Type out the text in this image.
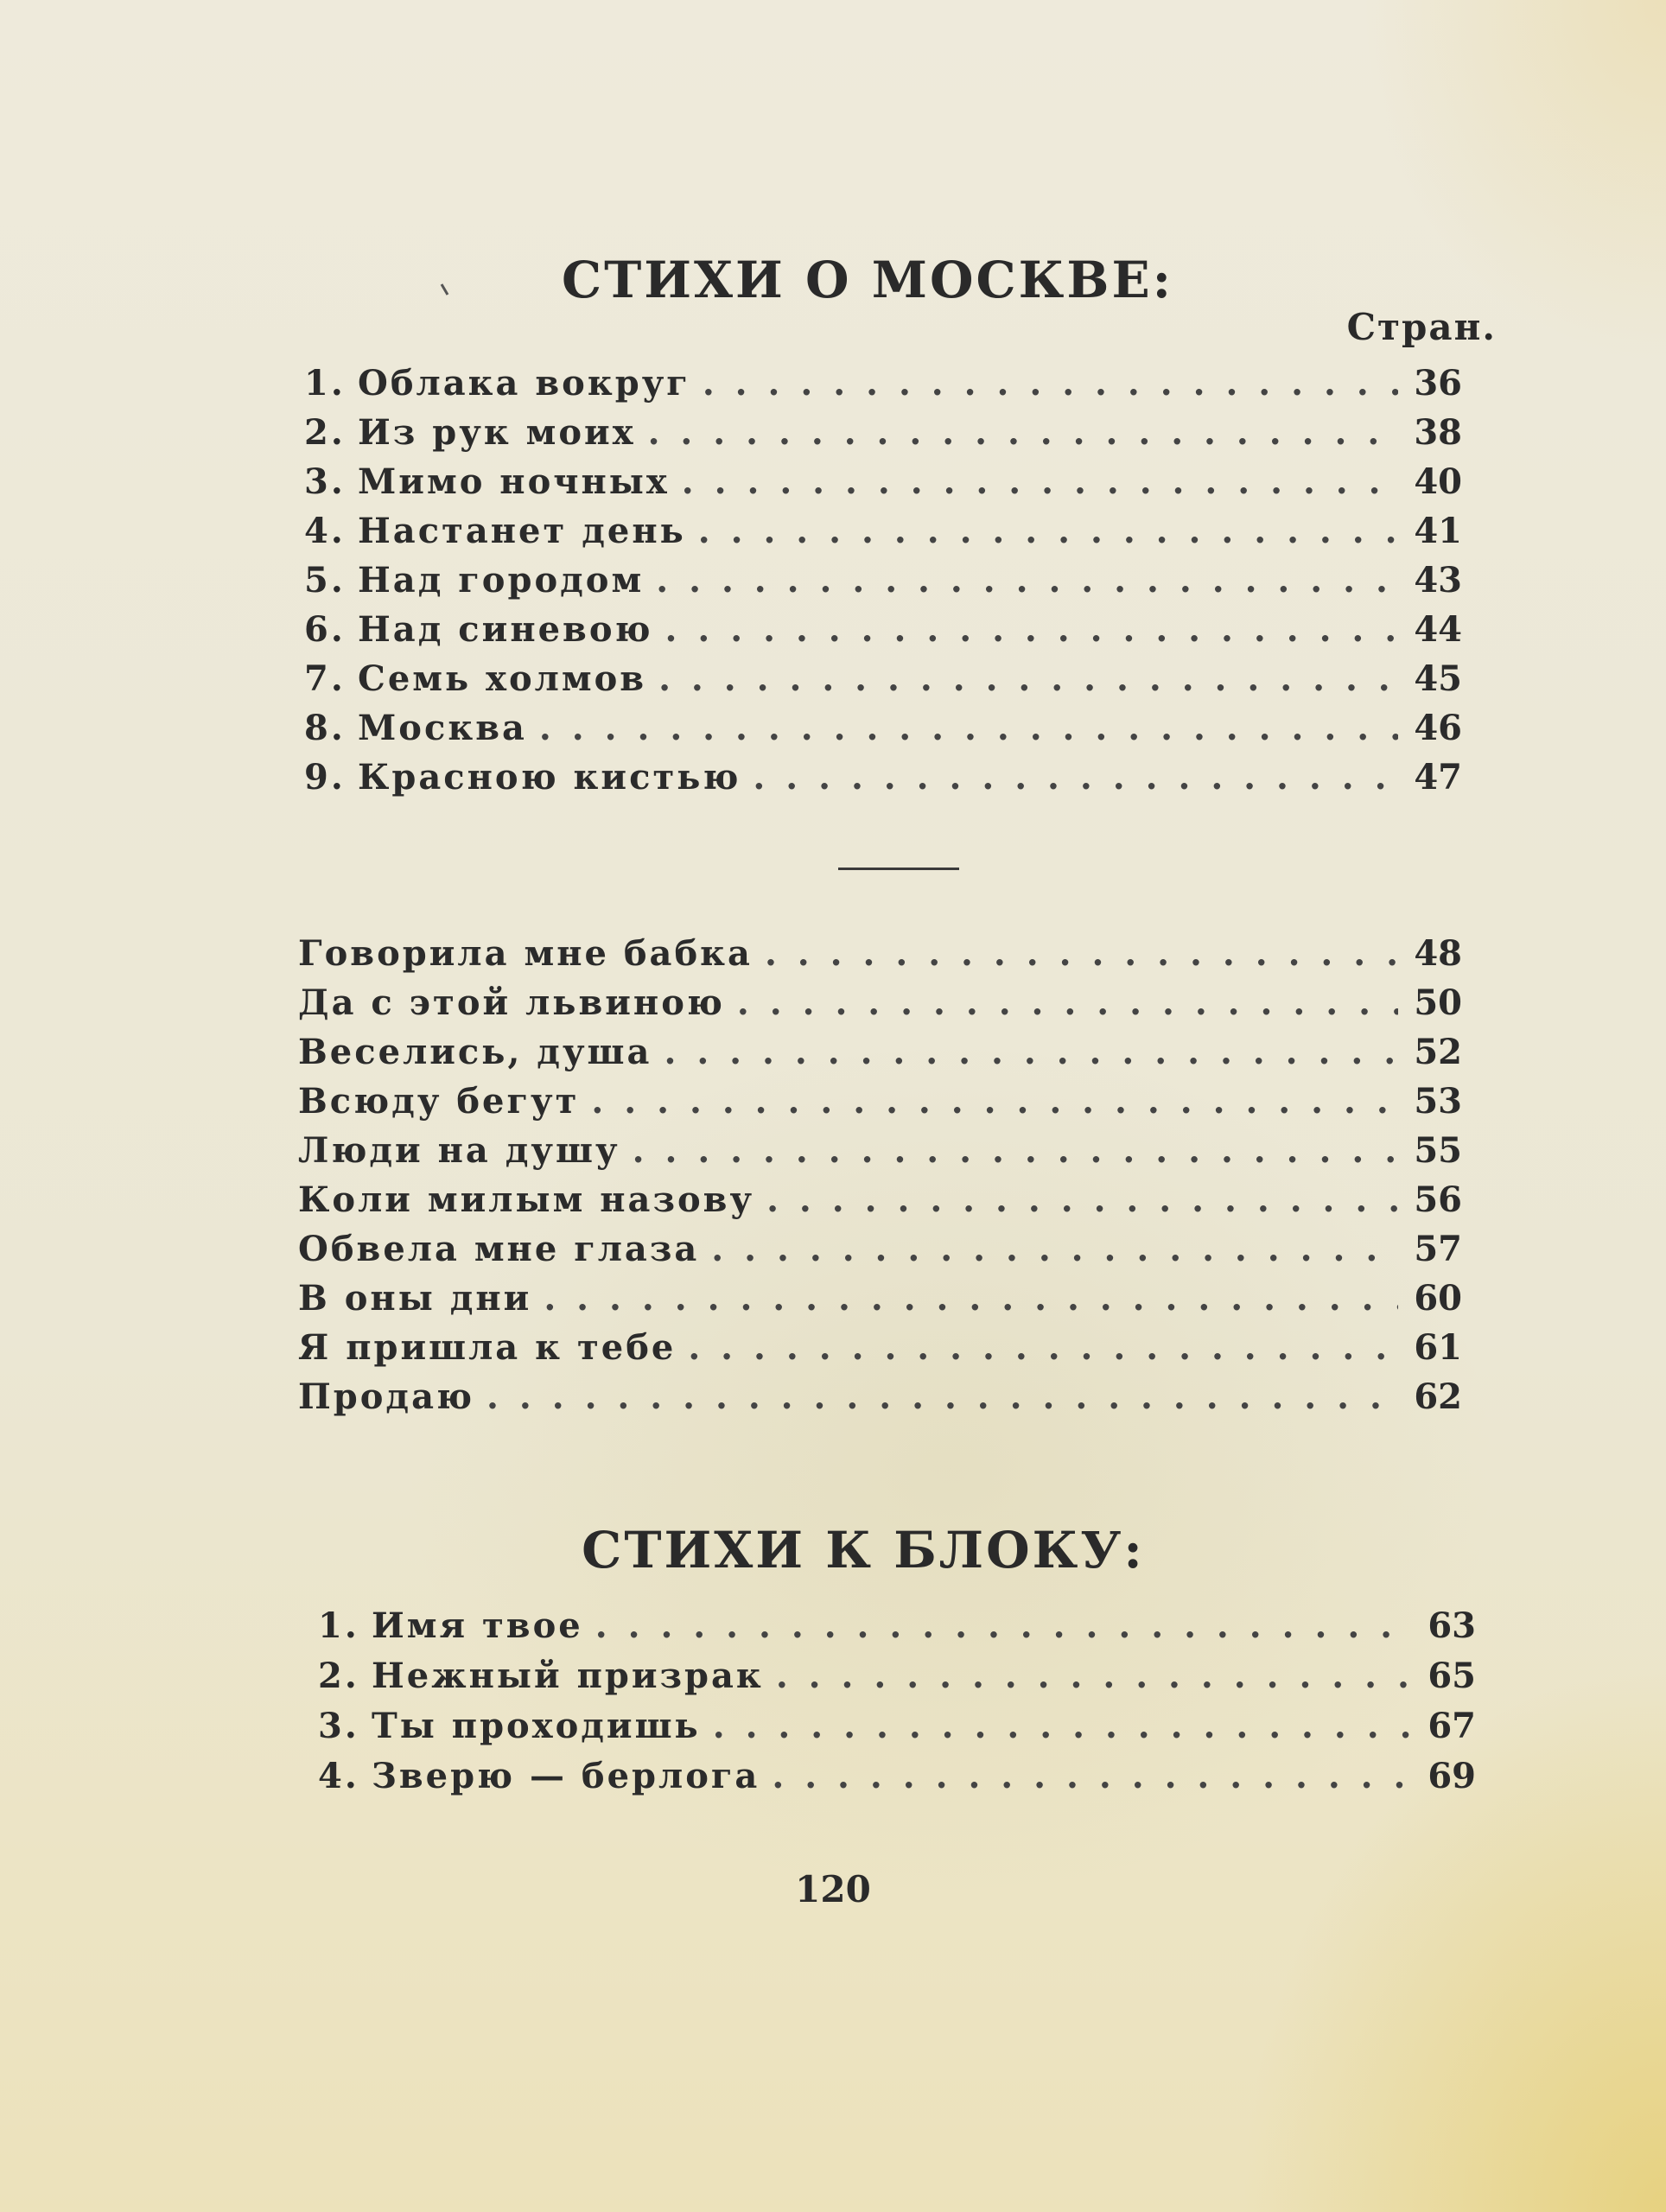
СТИХИ О МОСКВЕ:
Стран.
1. Облака вокруг . . .	36
2. Из рук моих . . .	38
3. Мимо ночных . . .	40
4. Настанет день . . .	41
5. Над городом . . .	43
6. Над синевою . . .	44
7. Семь холмов . . .	45
8. Москва . . .	46
9. Красною кистью . . .	47
Говорила мне бабка . . .	48
Да с этой львиною . . .	50
Веселись, душа . . .	52
Всюду бегут . . .	53
Люди на душу . . .	55
Коли милым назову . . .	56
Обвела мне глаза . . .	57
В оны дни . . .	60
Я пришла к тебе . . .	61
Продаю . . .	62
СТИХИ К БЛОКУ:
1. Имя твое . . .	63
2. Нежный призрак . . .	65
3. Ты проходишь . . .	67
4. Зверю — берлога . . .	69
120
